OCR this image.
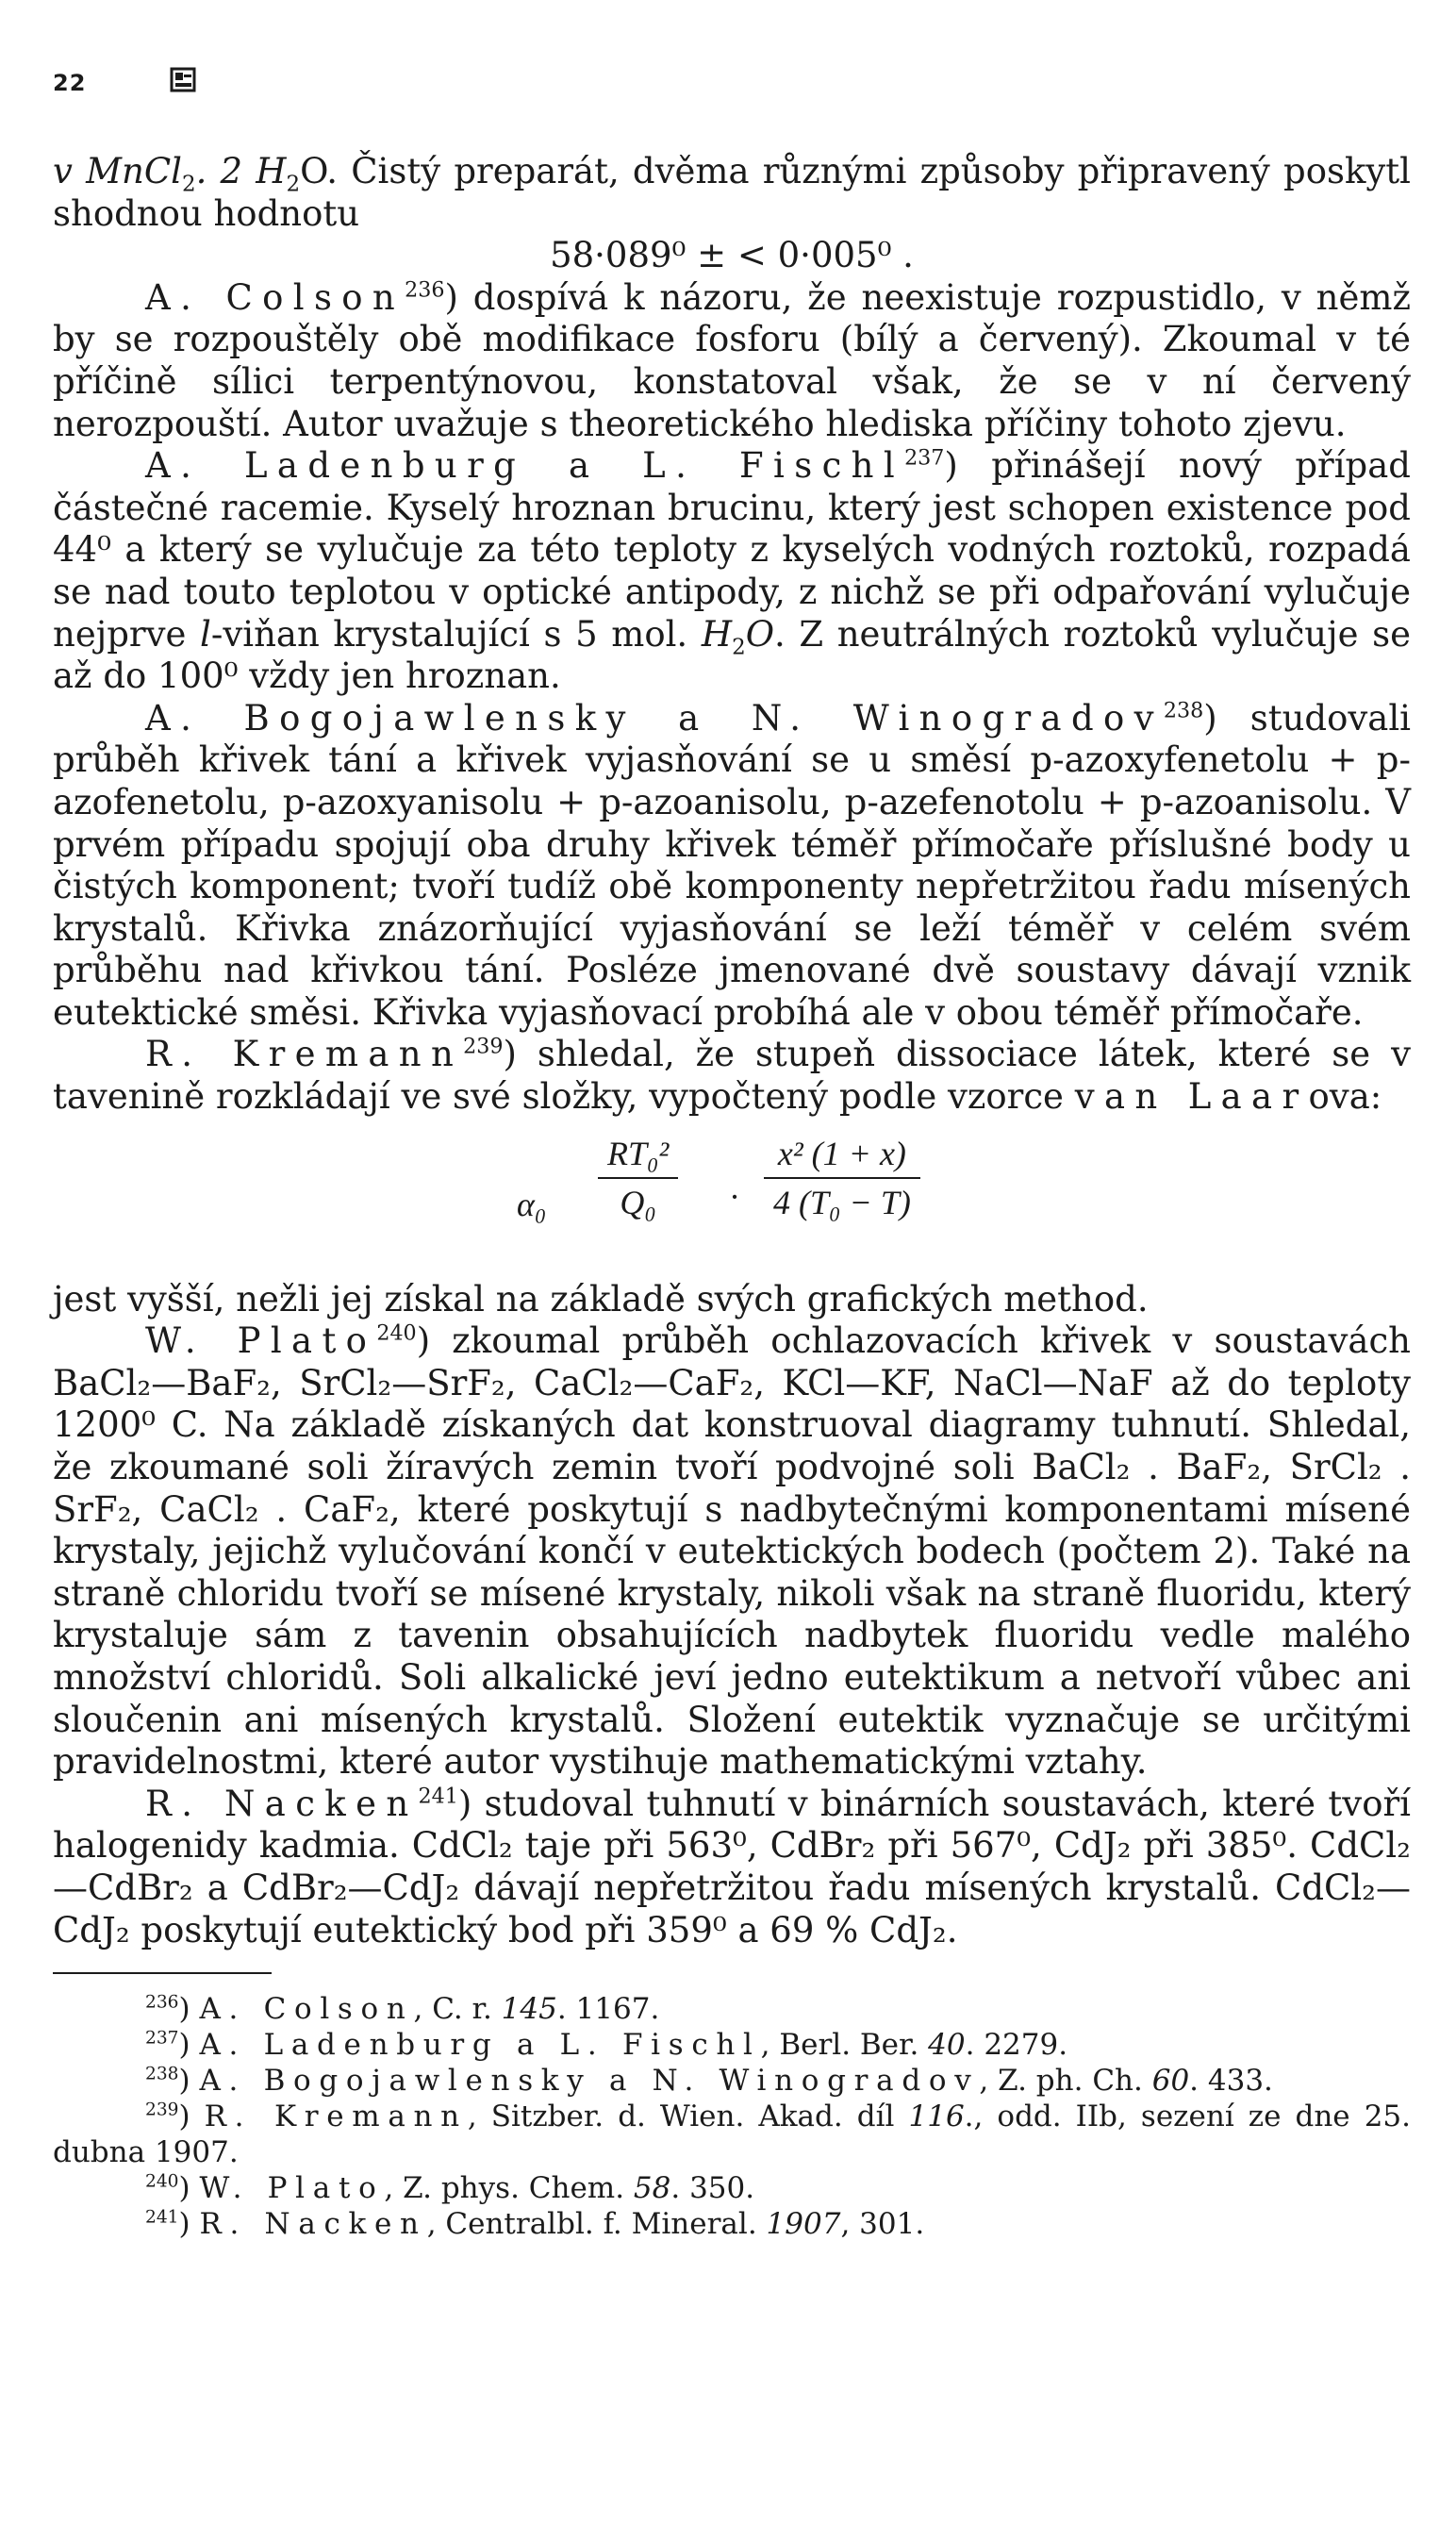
22

v MnCl$_2$. 2 $H_2O$. Čistý preparát, dvěma různými způsoby připravený poskytl shodnou hodnotu

58·089⁰ ± < 0·005⁰ .

A. Colson$^{236}$) dospívá k názoru, že neexistuje rozpustidlo, v němž by se rozpouštěly obě modifikace fosforu (bílý a červený). Zkoumal v té příčině sílici terpentýnovou, konstatoval však, že se v ní červený nerozpouští. Autor uvažuje s theoretického hlediska příčiny tohoto zjevu.

A. Ladenburg a L. Fischl$^{237}$) přinášejí nový případ částečné racemie. Kyselý hroznan brucinu, který jest schopen existence pod 44⁰ a který se vylučuje za této teploty z kyselých vodných roztoků, rozpadá se nad touto teplotou v optické antipody, z nichž se při odpařování vylučuje nejprve l-viňan krystalující s 5 mol. $H_2O$. Z neutrálných roztoků vylučuje se až do 100⁰ vždy jen hroznan.

A. Bogojawlensky a N. Winogradov$^{238}$) studovali průběh křivek tání a křivek vyjasňování se u směsí p-azoxyfenetolu + p-azofenetolu, p-azoxyanisolu + p-azoanisolu, p-azefenotolu + p-azoanisolu. V prvém případu spojují oba druhy křivek téměř přímočaře příslušné body u čistých komponent; tvoří tudíž obě komponenty nepřetržitou řadu mísených krystalů. Křivka znázorňující vyjasňování se leží téměř v celém svém průběhu nad křivkou tání. Posléze jmenované dvě soustavy dávají vznik eutektické směsi. Křivka vyjasňovací probíhá ale v obou téměř přímočaře.

R. Kremann$^{239}$) shledal, že stupeň dissociace látek, které se v tavenině rozkládají ve své složky, vypočtený podle vzorce van Laarova:

$\alpha_0 \frac{\text{RT₀²}}{\text{Q₀}} \cdot \frac{\text{x² (1 + x)}}{\text{4 (T₀ − T)}}$

jest vyšší, nežli jej získal na základě svých grafických method.

W. Plato$^{240}$) zkoumal průběh ochlazovacích křivek v soustavách BaCl₂—BaF₂, SrCl₂—SrF₂, CaCl₂—CaF₂, KCl—KF, NaCl—NaF až do teploty 1200⁰ C. Na základě získaných dat konstruoval diagramy tuhnutí. Shledal, že zkoumané soli žíravých zemin tvoří podvojné soli BaCl₂ . BaF₂, SrCl₂ . SrF₂, CaCl₂ . CaF₂, které poskytují s nadbytečnými komponentami mísené krystaly, jejichž vylučování končí v eutektických bodech (počtem 2). Také na straně chloridu tvoří se mísené krystaly, nikoli však na straně fluoridu, který krystaluje sám z tavenin obsahujících nadbytek fluoridu vedle malého množství chloridů. Soli alkalické jeví jedno eutektikum a netvoří vůbec ani sloučenin ani mísených krystalů. Složení eutektik vyznačuje se určitými pravidelnostmi, které autor vystihuje mathematickými vztahy.

R. Nacken$^{241}$) studoval tuhnutí v binárních soustavách, které tvoří halogenidy kadmia. CdCl₂ taje při 563⁰, CdBr₂ při 567⁰, CdJ₂ při 385⁰. CdCl₂—CdBr₂ a CdBr₂—CdJ₂ dávají nepřetržitou řadu mísených krystalů. CdCl₂—CdJ₂ poskytují eutektický bod při 359⁰ a 69 % CdJ₂.

$^{236}$) A. Colson, C. r. 145. 1167.

$^{237}$) A. Ladenburg a L. Fischl, Berl. Ber. 40. 2279.

$^{238}$) A. Bogojawlensky a N. Winogradov, Z. ph. Ch. 60. 433.

$^{239}$) R. Kremann, Sitzber. d. Wien. Akad. díl 116., odd. IIb, sezení ze dne 25. dubna 1907.

$^{240}$) W. Plato, Z. phys. Chem. 58. 350.

$^{241}$) R. Nacken, Centralbl. f. Mineral. 1907, 301.
